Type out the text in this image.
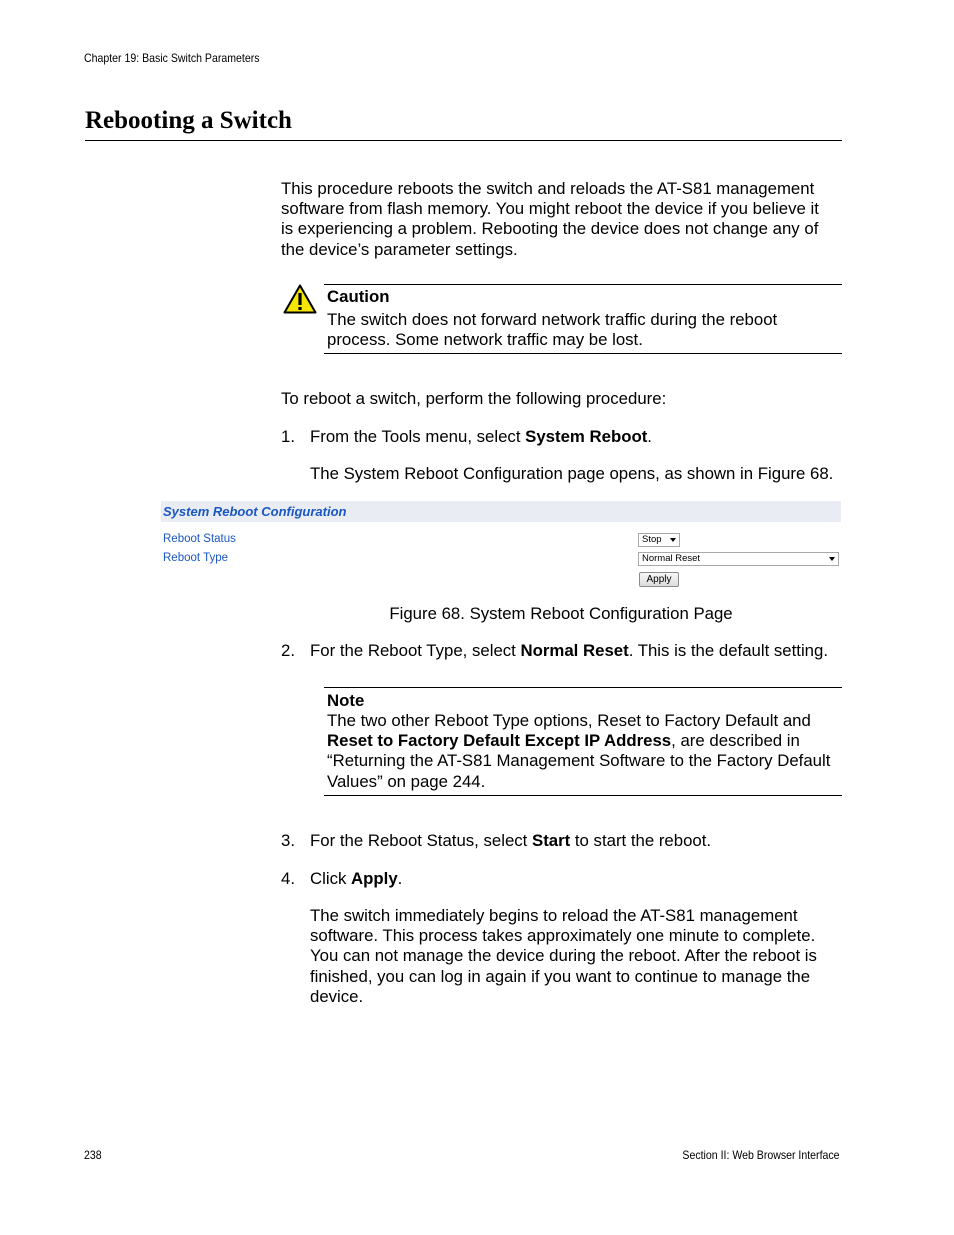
Chapter 19: Basic Switch Parameters
Rebooting a Switch
This procedure reboots the switch and reloads the AT-S81 management
software from flash memory. You might reboot the device if you believe it
is experiencing a problem. Rebooting the device does not change any of
the device’s parameter settings.
Caution
The switch does not forward network traffic during the reboot
process. Some network traffic may be lost.
To reboot a switch, perform the following procedure:
1. From the Tools menu, select System Reboot.
The System Reboot Configuration page opens, as shown in Figure 68.
System Reboot Configuration
Reboot Status
Reboot Type
Stop
Normal Reset
Apply
Figure 68. System Reboot Configuration Page
2. For the Reboot Type, select Normal Reset. This is the default setting.
Note
The two other Reboot Type options, Reset to Factory Default and
Reset to Factory Default Except IP Address, are described in
“Returning the AT-S81 Management Software to the Factory Default
Values” on page 244.
3. For the Reboot Status, select Start to start the reboot.
4. Click Apply.
The switch immediately begins to reload the AT-S81 management
software. This process takes approximately one minute to complete.
You can not manage the device during the reboot. After the reboot is
finished, you can log in again if you want to continue to manage the
device.
238	Section II: Web Browser Interface
